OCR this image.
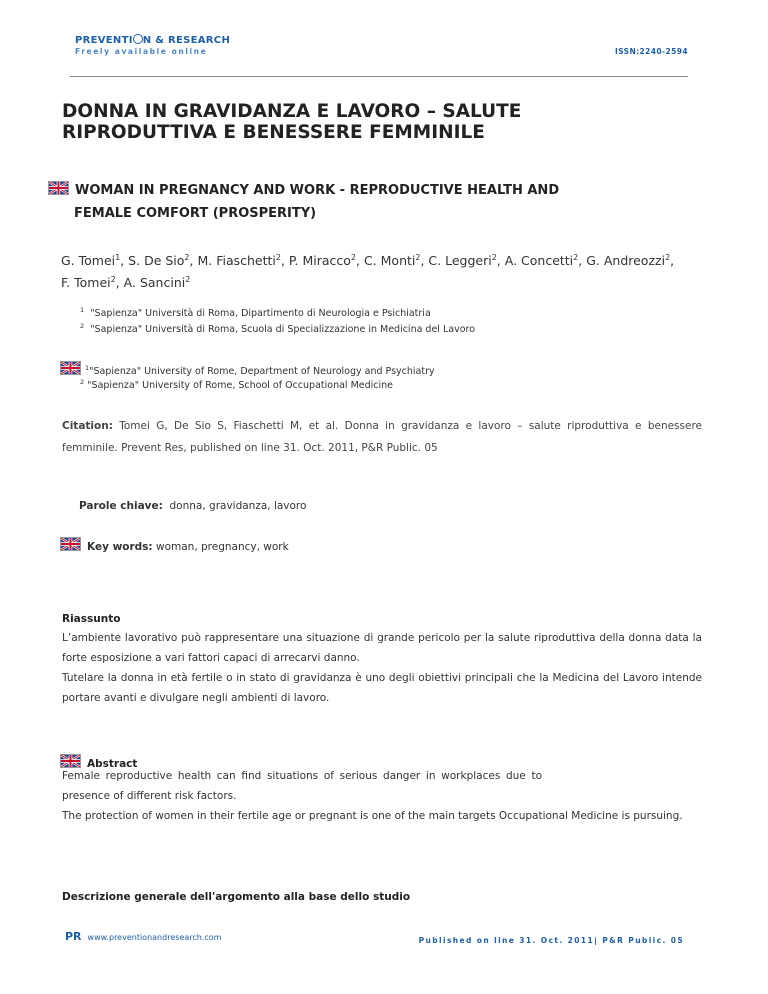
PREVENTI N & RESEARCH
Freely available online	ISSN:2240-2594
DONNA IN GRAVIDANZA E LAVORO – SALUTE
RIPRODUTTIVA E BENESSERE FEMMINILE
WOMAN IN PREGNANCY AND WORK - REPRODUCTIVE HEALTH AND
FEMALE COMFORT (PROSPERITY)
G. Tomei$^1$, S. De Sio$^2$, M. Fiaschetti$^2$, P. Miracco$^2$, C. Monti$^2$, C. Leggeri$^2$, A. Concetti$^2$, G. Andreozzi$^2$,
F. Tomei$^2$, A. Sancini$^2$
$^1$ "Sapienza" Università di Roma, Dipartimento di Neurologia e Psichiatria
$^2$ "Sapienza" Università di Roma, Scuola di Specializzazione in Medicina del Lavoro
$^1$"Sapienza" University of Rome, Department of Neurology and Psychiatry
$^2$ "Sapienza" University of Rome, School of Occupational Medicine
Citation: Tomei G, De Sio S, Fiaschetti M, et al. Donna in gravidanza e lavoro – salute riproduttiva e benessere femminile. Prevent Res, published on line 31. Oct. 2011, P&R Public. 05
Parole chiave: donna, gravidanza, lavoro
Key words: woman, pregnancy, work
Riassunto
L’ambiente lavorativo può rappresentare una situazione di grande pericolo per la salute riproduttiva della donna data la forte esposizione a vari fattori capaci di arrecarvi danno.
Tutelare la donna in età fertile o in stato di gravidanza è uno degli obiettivi principali che la Medicina del Lavoro intende portare avanti e divulgare negli ambienti di lavoro.
Abstract
Female reproductive health can find situations of serious danger in workplaces due to presence of different risk factors.
The protection of women in their fertile age or pregnant is one of the main targets Occupational Medicine is pursuing.
Descrizione generale dell'argomento alla base dello studio
PR www.preventionandresearch.com	Published on line 31. Oct. 2011| P&R Public. 05
